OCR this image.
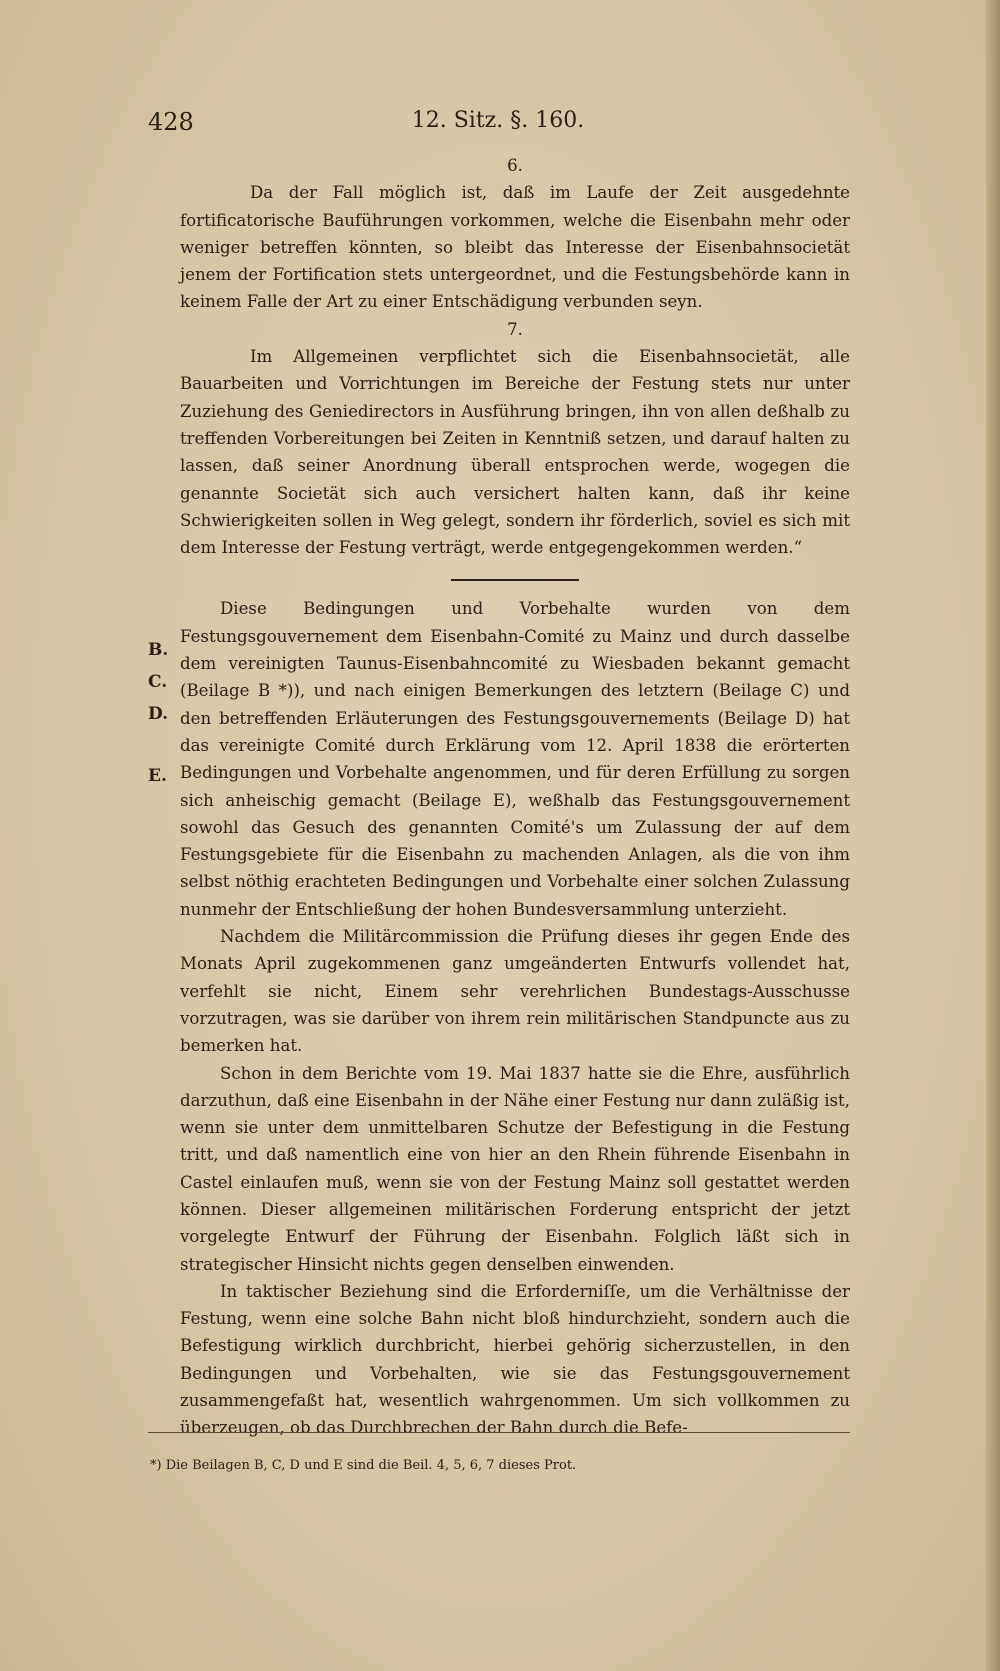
428	12. Sitz. §. 160.
B.
C.
D.
E.
6.

Da der Fall möglich ist, daß im Laufe der Zeit ausgedehnte fortificatorische Bauführungen vorkommen, welche die Eisenbahn mehr oder weniger betreffen könnten, so bleibt das Interesse der Eisenbahnsocietät jenem der Fortification stets untergeordnet, und die Festungsbehörde kann in keinem Falle der Art zu einer Entschädigung verbunden seyn.

7.

Im Allgemeinen verpflichtet sich die Eisenbahnsocietät, alle Bauarbeiten und Vorrichtungen im Bereiche der Festung stets nur unter Zuziehung des Geniedirectors in Ausführung bringen, ihn von allen deßhalb zu treffenden Vorbereitungen bei Zeiten in Kenntniß setzen, und darauf halten zu lassen, daß seiner Anordnung überall entsprochen werde, wogegen die genannte Societät sich auch versichert halten kann, daß ihr keine Schwierigkeiten sollen in Weg gelegt, sondern ihr förderlich, soviel es sich mit dem Interesse der Festung verträgt, werde entgegengekommen werden.“

Diese Bedingungen und Vorbehalte wurden von dem Festungsgouvernement dem Eisenbahn-Comité zu Mainz und durch dasselbe dem vereinigten Taunus-Eisenbahncomité zu Wiesbaden bekannt gemacht (Beilage B *)), und nach einigen Bemerkungen des letztern (Beilage C) und den betreffenden Erläuterungen des Festungsgouvernements (Beilage D) hat das vereinigte Comité durch Erklärung vom 12. April 1838 die erörterten Bedingungen und Vorbehalte angenommen, und für deren Erfüllung zu sorgen sich anheischig gemacht (Beilage E), weßhalb das Festungsgouvernement sowohl das Gesuch des genannten Comité's um Zulassung der auf dem Festungsgebiete für die Eisenbahn zu machenden Anlagen, als die von ihm selbst nöthig erachteten Bedingungen und Vorbehalte einer solchen Zulassung nunmehr der Entschließung der hohen Bundesversammlung unterzieht.

Nachdem die Militärcommission die Prüfung dieses ihr gegen Ende des Monats April zugekommenen ganz umgeänderten Entwurfs vollendet hat, verfehlt sie nicht, Einem sehr verehrlichen Bundestags-Ausschusse vorzutragen, was sie darüber von ihrem rein militärischen Standpuncte aus zu bemerken hat.

Schon in dem Berichte vom 19. Mai 1837 hatte sie die Ehre, ausführlich darzuthun, daß eine Eisenbahn in der Nähe einer Festung nur dann zuläßig ist, wenn sie unter dem unmittelbaren Schutze der Befestigung in die Festung tritt, und daß namentlich eine von hier an den Rhein führende Eisenbahn in Castel einlaufen muß, wenn sie von der Festung Mainz soll gestattet werden können. Dieser allgemeinen militärischen Forderung entspricht der jetzt vorgelegte Entwurf der Führung der Eisenbahn. Folglich läßt sich in strategischer Hinsicht nichts gegen denselben einwenden.

In taktischer Beziehung sind die Erforderniſſe, um die Verhältnisse der Festung, wenn eine solche Bahn nicht bloß hindurchzieht, sondern auch die Befestigung wirklich durchbricht, hierbei gehörig sicherzustellen, in den Bedingungen und Vorbehalten, wie sie das Festungsgouvernement zusammengefaßt hat, wesentlich wahrgenommen. Um sich vollkommen zu überzeugen, ob das Durchbrechen der Bahn durch die Befe-

*) Die Beilagen B, C, D und E sind die Beil. 4, 5, 6, 7 dieses Prot.
